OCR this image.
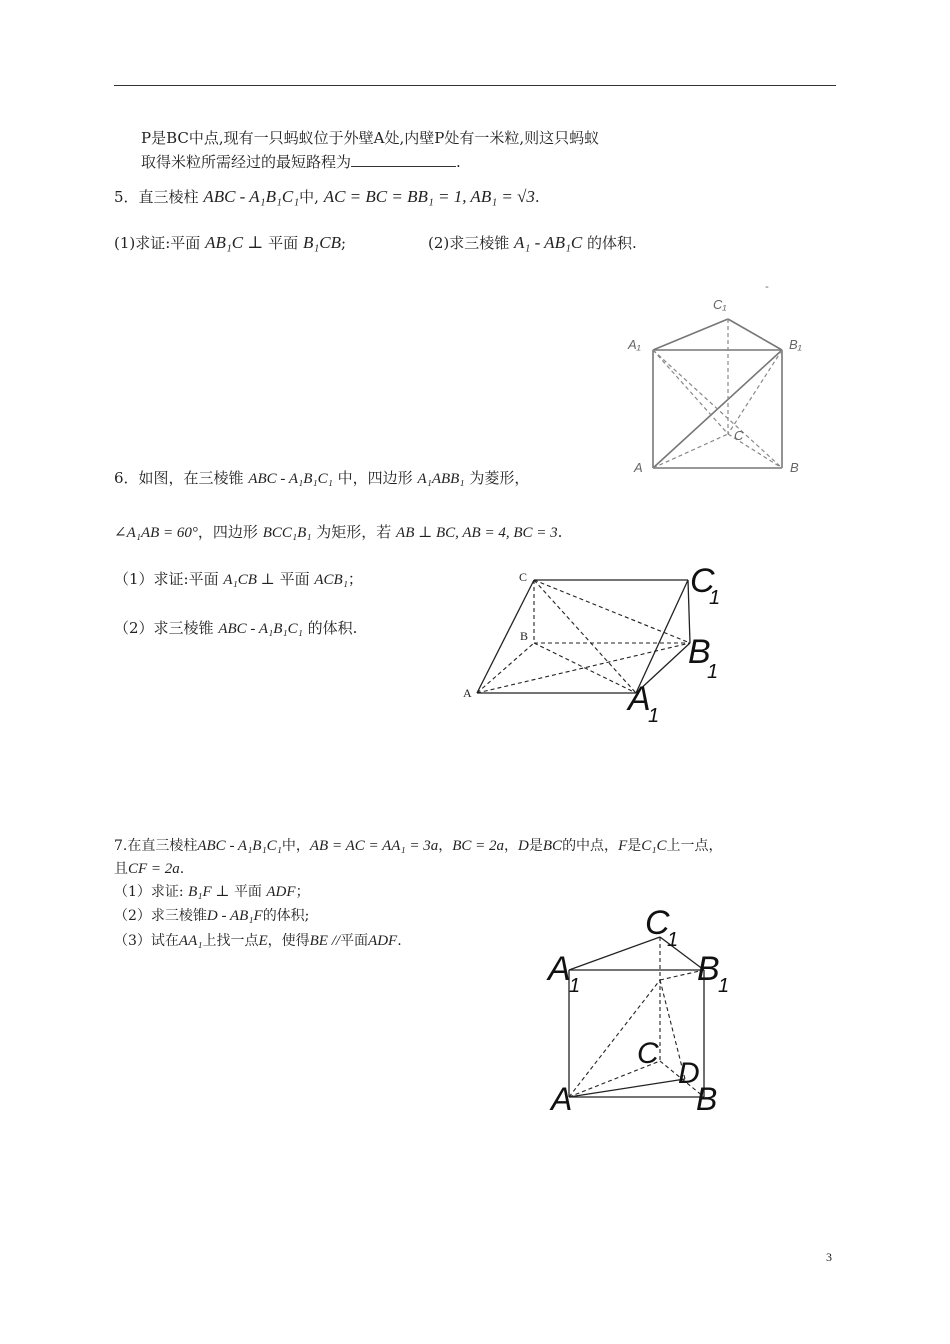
P是BC中点,现有一只蚂蚁位于外壁A处,内壁P处有一米粒,则这只蚂蚁
取得米粒所需经过的最短路程为	.
5．直三棱柱 ABC - A₁B₁C₁中, AC = BC = BB₁ = 1, AB₁ = √3.
(1)求证:平面 AB₁C ⊥ 平面 B₁CB;	(2)求三棱锥 A₁ - AB₁C 的体积.
C₁
A₁	B₁
C
A	B
-
6．如图，在三棱锥 ABC - A₁B₁C₁ 中，四边形 A₁ABB₁ 为菱形，
∠A₁AB = 60°，四边形 BCC₁B₁ 为矩形，若 AB ⊥ BC, AB = 4, BC = 3.
（1）求证:平面 A₁CB ⊥ 平面 ACB₁；
（2）求三棱锥 ABC - A₁B₁C₁ 的体积.
C
B
A
C
1
B
1
A
1
7.在直三棱柱ABC - A₁B₁C₁中，AB = AC = AA₁ = 3a，BC = 2a，D是BC的中点，F是C₁C上一点，
且CF = 2a.
（1）求证: B₁F ⊥ 平面 ADF；
（2）求三棱锥D - AB₁F的体积;
（3）试在AA₁上找一点E，使得BE //平面ADF.	C
1
A
1	B
1
C
D
A	B
3
